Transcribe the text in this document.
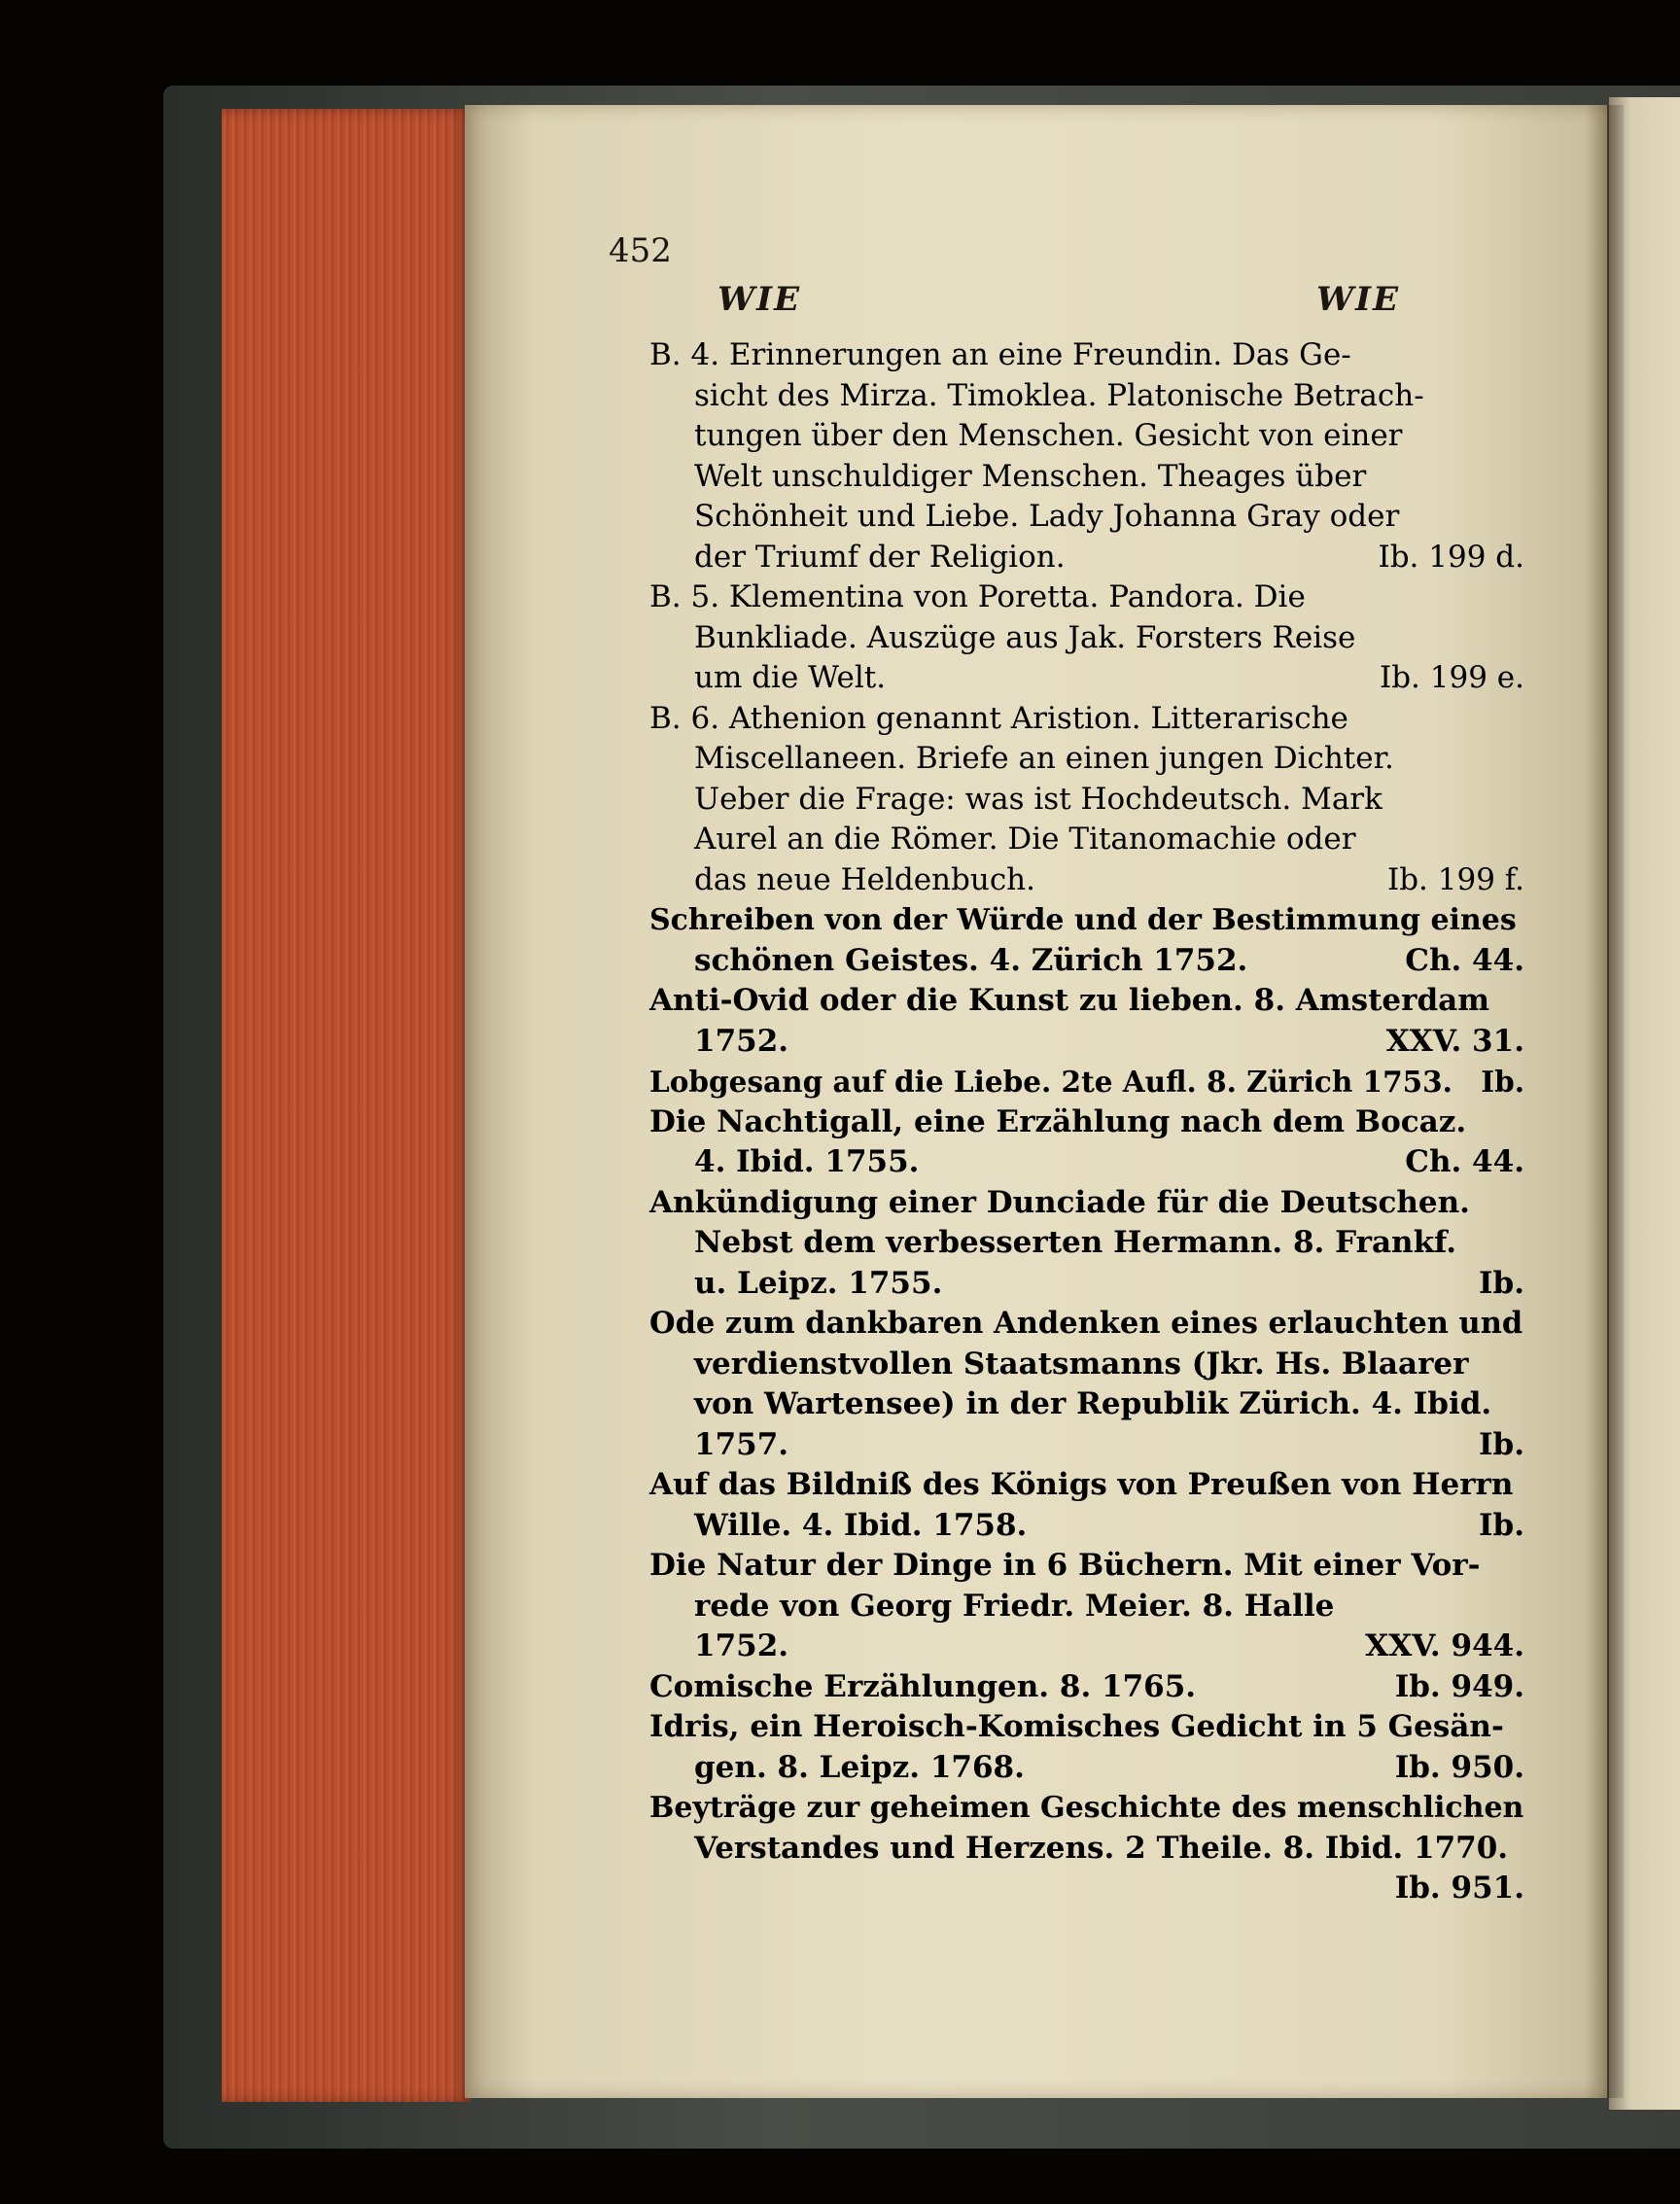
452
WIE	WIE
B. 4. Erinnerungen an eine Freundin. Das Ge-
sicht des Mirza. Timoklea. Platonische Betrach-
tungen über den Menschen. Gesicht von einer
Welt unschuldiger Menschen. Theages über
Schönheit und Liebe. Lady Johanna Gray oder
der Triumf der Religion.	Ib. 199 d.
B. 5. Klementina von Poretta. Pandora. Die
Bunkliade. Auszüge aus Jak. Forsters Reise
um die Welt.	Ib. 199 e.
B. 6. Athenion genannt Aristion. Litterarische
Miscellaneen. Briefe an einen jungen Dichter.
Ueber die Frage: was ist Hochdeutsch. Mark
Aurel an die Römer. Die Titanomachie oder
das neue Heldenbuch.	Ib. 199 f.
Schreiben von der Würde und der Bestimmung eines
schönen Geistes. 4. Zürich 1752.	Ch. 44.
Anti-Ovid oder die Kunst zu lieben. 8. Amsterdam
1752.	XXV. 31.
Lobgesang auf die Liebe. 2te Aufl. 8. Zürich 1753. Ib.
Die Nachtigall, eine Erzählung nach dem Bocaz.
4. Ibid. 1755.	Ch. 44.
Ankündigung einer Dunciade für die Deutschen.
Nebst dem verbesserten Hermann. 8. Frankf.
u. Leipz. 1755.	Ib.
Ode zum dankbaren Andenken eines erlauchten und
verdienstvollen Staatsmanns (Jkr. Hs. Blaarer
von Wartensee) in der Republik Zürich. 4. Ibid.
1757.	Ib.
Auf das Bildniß des Königs von Preußen von Herrn
Wille. 4. Ibid. 1758.	Ib.
Die Natur der Dinge in 6 Büchern. Mit einer Vor-
rede von Georg Friedr. Meier. 8. Halle
1752.	XXV. 944.
Comische Erzählungen. 8. 1765.	Ib. 949.
Idris, ein Heroisch-Komisches Gedicht in 5 Gesän-
gen. 8. Leipz. 1768.	Ib. 950.
Beyträge zur geheimen Geschichte des menschlichen
Verstandes und Herzens. 2 Theile. 8. Ibid. 1770.
Ib. 951.
